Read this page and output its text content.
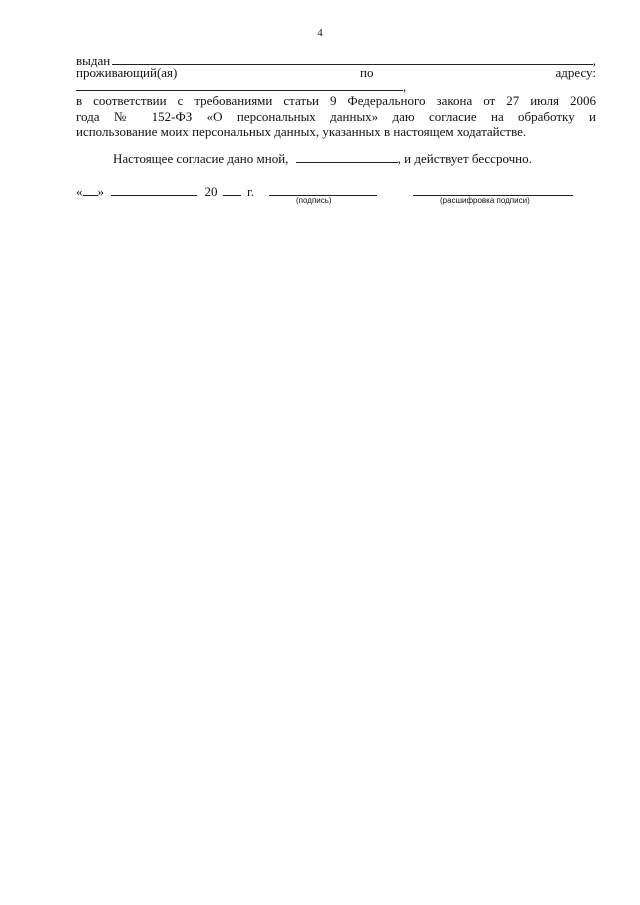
4
выдан	,
проживающий(ая)	по	адресу:
,
в соответствии с требованиями статьи 9 Федерального закона от 27 июля 2006
года № 152-ФЗ «О персональных данных» даю согласие на обработку и
использование моих персональных данных, указанных в настоящем ходатайстве.
Настоящее согласие дано мной,	, и действует бессрочно.
« »	20 г.
(подпись)	(расшифровка подписи)
